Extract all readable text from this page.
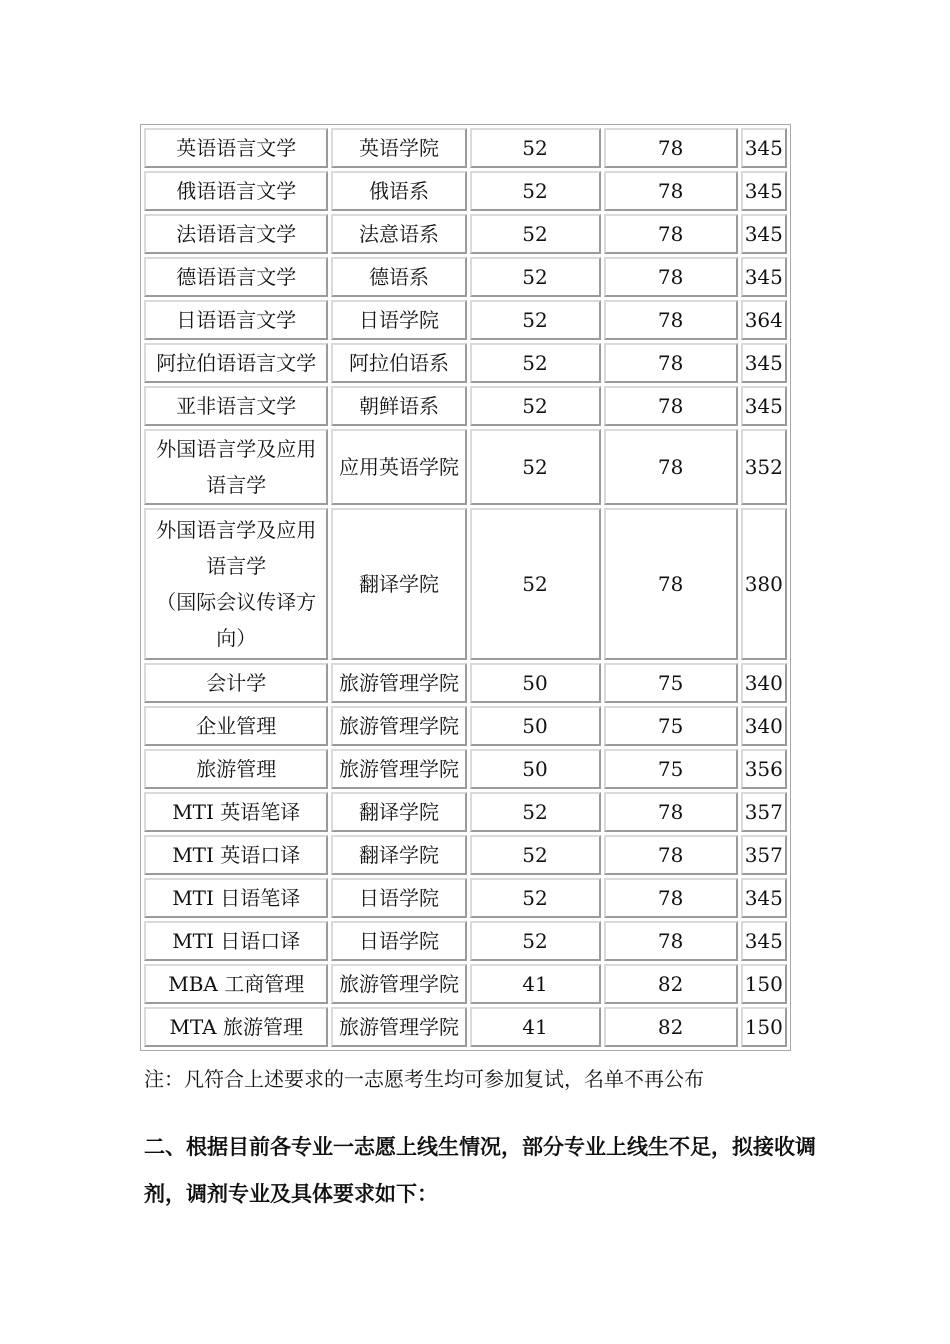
英语语言文学	英语学院	52	78	345
俄语语言文学	俄语系	52	78	345
法语语言文学	法意语系	52	78	345
德语语言文学	德语系	52	78	345
日语语言文学	日语学院	52	78	364
阿拉伯语语言文学	阿拉伯语系	52	78	345
亚非语言文学	朝鲜语系	52	78	345

外国语言学及应用
语言学	应用英语学院	52	78	352

外国语言学及应用
语言学
（国际会议传译方
向）	翻译学院	52	78	380
会计学	旅游管理学院	50	75	340
企业管理	旅游管理学院	50	75	340
旅游管理	旅游管理学院	50	75	356
MTI 英语笔译	翻译学院	52	78	357
MTI 英语口译	翻译学院	52	78	357
MTI 日语笔译	日语学院	52	78	345
MTI 日语口译	日语学院	52	78	345
MBA 工商管理	旅游管理学院	41	82	150
MTA 旅游管理	旅游管理学院	41	82	150
注：凡符合上述要求的一志愿考生均可参加复试，名单不再公布
二、根据目前各专业一志愿上线生情况，部分专业上线生不足，拟接收调剂，调剂专业及具体要求如下：
